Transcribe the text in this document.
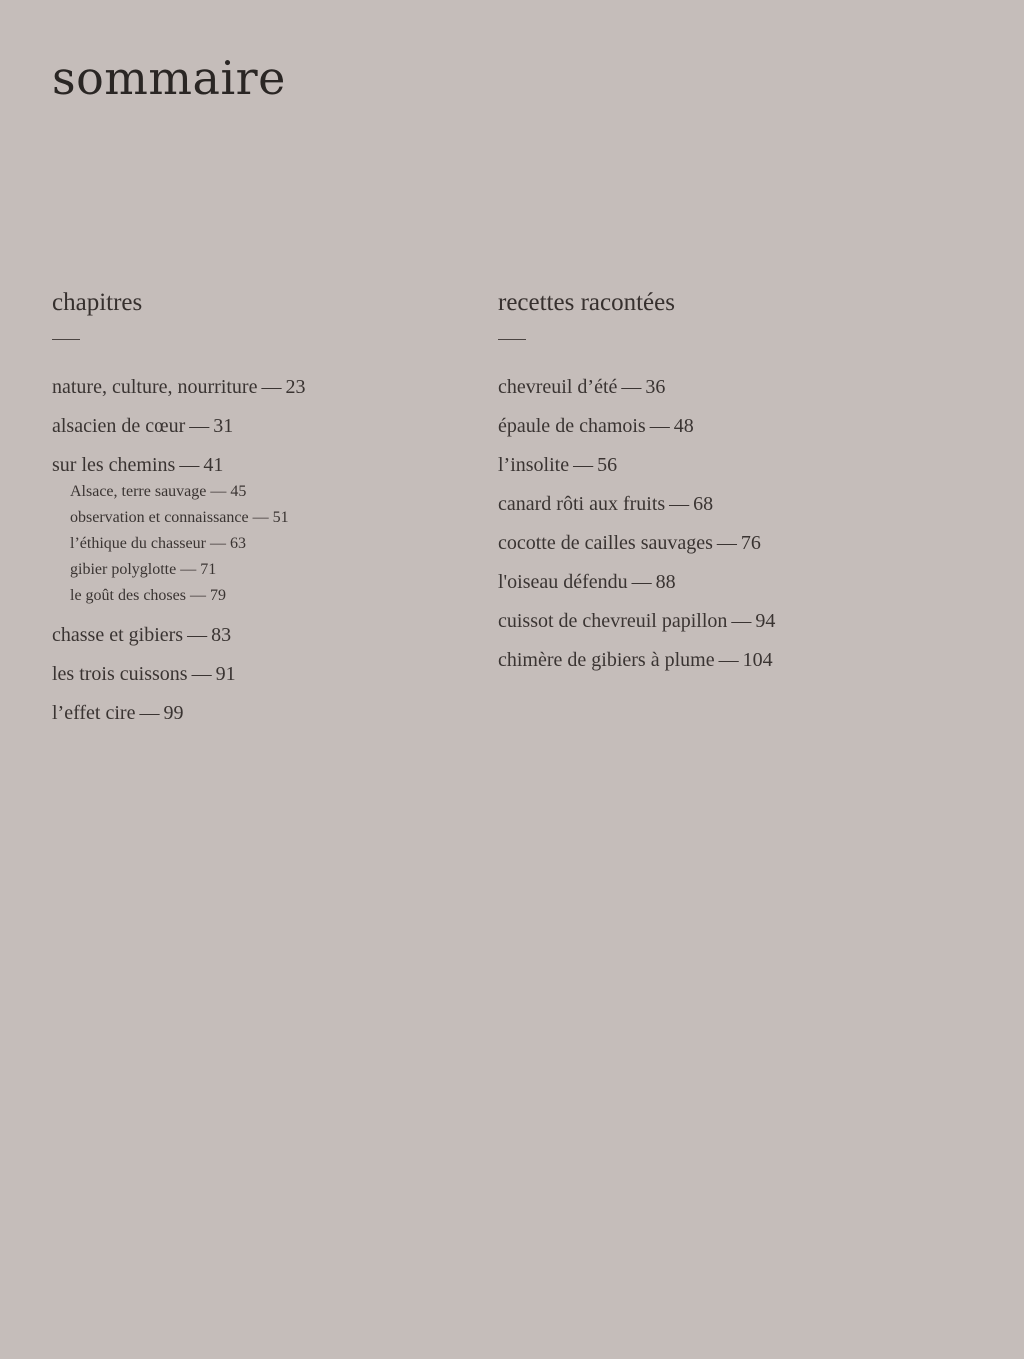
sommaire
chapitres
nature, culture, nourriture — 23
alsacien de cœur — 31
sur les chemins — 41
Alsace, terre sauvage — 45
observation et connaissance — 51
l’éthique du chasseur — 63
gibier polyglotte — 71
le goût des choses — 79
chasse et gibiers — 83
les trois cuissons — 91
l’effet cire — 99
recettes racontées
chevreuil d’été — 36
épaule de chamois — 48
l’insolite — 56
canard rôti aux fruits — 68
cocotte de cailles sauvages — 76
l'oiseau défendu — 88
cuissot de chevreuil papillon — 94
chimère de gibiers à plume — 104
